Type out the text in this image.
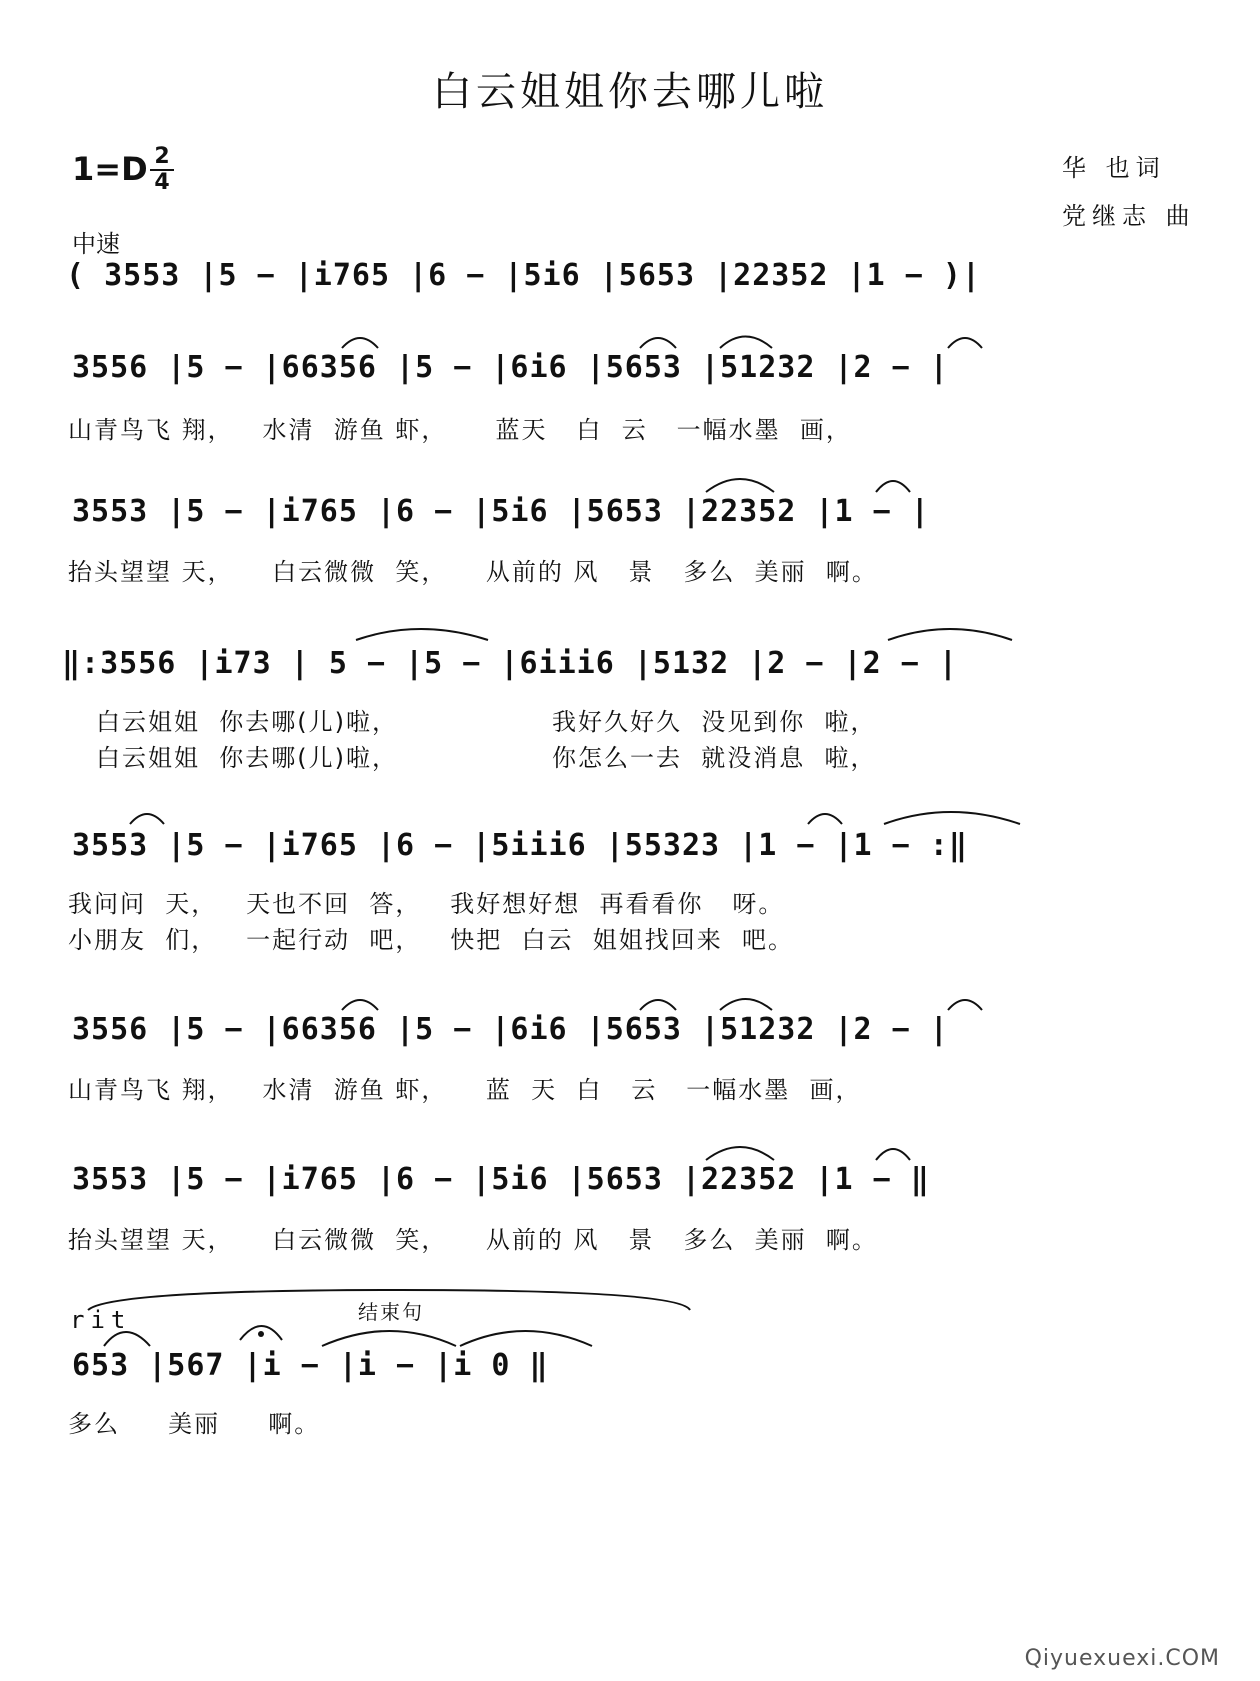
白云姐姐你去哪儿啦
1=D 2
4
中速
华 也词
党继志 曲
( 3553 |5 − |i765 |6 − |5i6 |5653 |22352 |1 − )|
3556 |5 − |66356 |5 − |6i6 |5653 |51232 |2 − |
山青鸟飞 翔，   水清  游鱼 虾，     蓝天   白  云   一幅水墨  画，
3553 |5 − |i765 |6 − |5i6 |5653 |22352 |1 − |
抬头望望 天，    白云微微  笑，    从前的 风   景   多么  美丽  啊。
‖:3556 |i73 | 5 − |5 − |6iii6 |5132 |2 − |2 − |
白云姐姐  你去哪(儿)啦，                我好久好久  没见到你  啦，
白云姐姐  你去哪(儿)啦，                你怎么一去  就没消息  啦，
3553 |5 − |i765 |6 − |5iii6 |55323 |1 − |1 − :‖
我问问  天，   天也不回  答，   我好想好想  再看看你   呀。
小朋友  们，   一起行动  吧，   快把  白云  姐姐找回来  吧。
3556 |5 − |66356 |5 − |6i6 |5653 |51232 |2 − |
山青鸟飞 翔，   水清  游鱼 虾，    蓝  天  白   云   一幅水墨  画，
3553 |5 − |i765 |6 − |5i6 |5653 |22352 |1 − ‖
抬头望望 天，    白云微微  笑，    从前的 风   景   多么  美丽  啊。
rit	结束句
653 |567 |i − |i − |i 0 ‖
多么     美丽     啊。
Qiyuexuexi.COM
